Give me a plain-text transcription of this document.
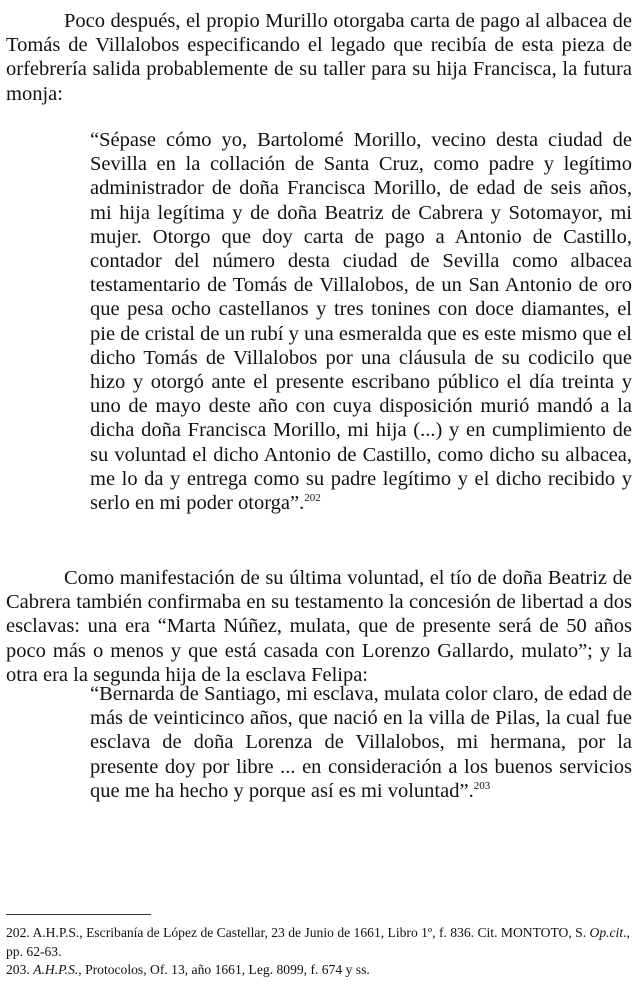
Poco después, el propio Murillo otorgaba carta de pago al albacea de Tomás de Villalobos especificando el legado que recibía de esta pieza de orfebrería salida probablemente de su taller para su hija Francisca, la futura monja:

“Sépase cómo yo, Bartolomé Morillo, vecino desta ciudad de Sevilla en la collación de Santa Cruz, como padre y legítimo administrador de doña Francisca Morillo, de edad de seis años, mi hija legítima y de doña Beatriz de Cabrera y Sotomayor, mi mujer. Otorgo que doy carta de pago a Antonio de Castillo, contador del número desta ciudad de Sevilla como albacea testamentario de Tomás de Villalobos, de un San Antonio de oro que pesa ocho castellanos y tres tonines con doce diamantes, el pie de cristal de un rubí y una esmeralda que es este mismo que el dicho Tomás de Villalobos por una cláusula de su codicilo que hizo y otorgó ante el presente escribano público el día treinta y uno de mayo deste año con cuya disposición murió mandó a la dicha doña Francisca Morillo, mi hija (...) y en cumplimiento de su voluntad el dicho Antonio de Castillo, como dicho su albacea, me lo da y entrega como su padre legítimo y el dicho recibido y serlo en mi poder otorga”.$^{202}$

Como manifestación de su última voluntad, el tío de doña Beatriz de Cabrera también confirmaba en su testamento la concesión de libertad a dos esclavas: una era “Marta Núñez, mulata, que de presente será de 50 años poco más o menos y que está casada con Lorenzo Gallardo, mulato”; y la otra era la segunda hija de la esclava Felipa:

“Bernarda de Santiago, mi esclava, mulata color claro, de edad de más de veinticinco años, que nació en la villa de Pilas, la cual fue esclava de doña Lorenza de Villalobos, mi hermana, por la presente doy por libre ... en consideración a los buenos servicios que me ha hecho y porque así es mi voluntad”.$^{203}$

202. A.H.P.S., Escribanía de López de Castellar, 23 de Junio de 1661, Libro 1º, f. 836. Cit. MONTOTO, S. Op.cit., pp. 62-63.

203. A.H.P.S., Protocolos, Of. 13, año 1661, Leg. 8099, f. 674 y ss.
